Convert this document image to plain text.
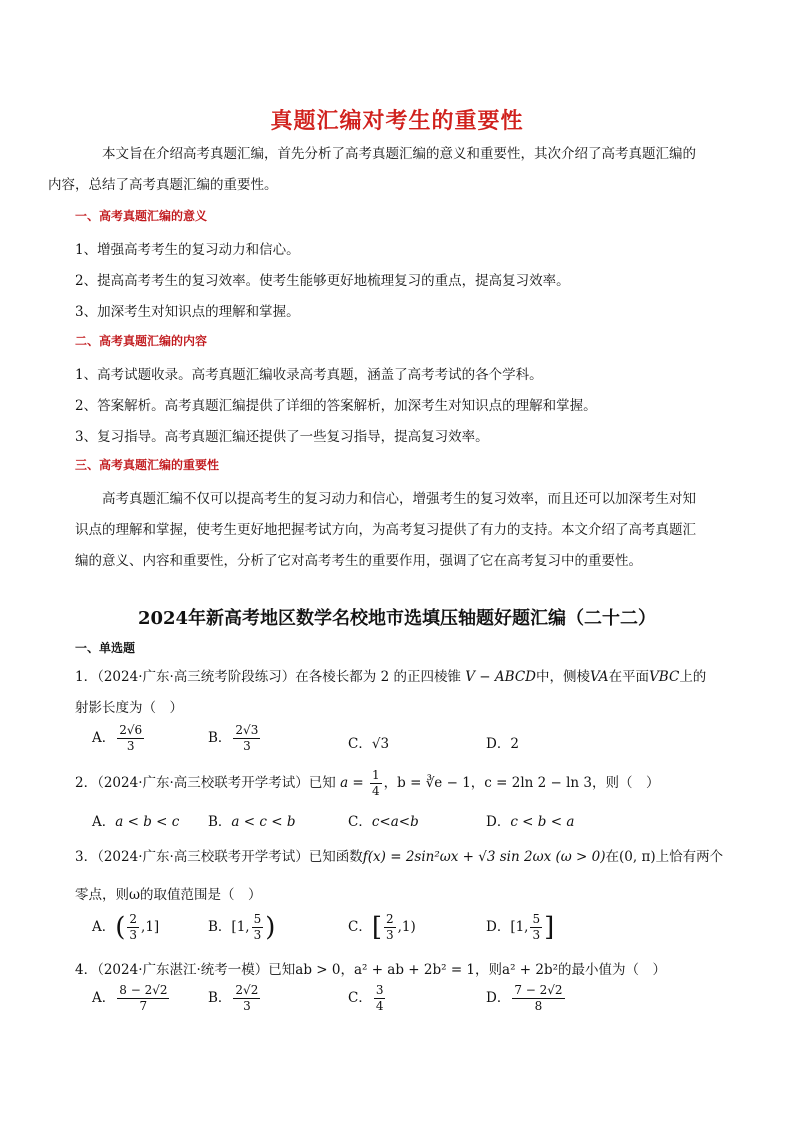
真题汇编对考生的重要性
本文旨在介绍高考真题汇编，首先分析了高考真题汇编的意义和重要性，其次介绍了高考真题汇编的
内容，总结了高考真题汇编的重要性。
一、高考真题汇编的意义
1、增强高考考生的复习动力和信心。
2、提高高考考生的复习效率。使考生能够更好地梳理复习的重点，提高复习效率。
3、加深考生对知识点的理解和掌握。
二、高考真题汇编的内容
1、高考试题收录。高考真题汇编收录高考真题，涵盖了高考考试的各个学科。
2、答案解析。高考真题汇编提供了详细的答案解析，加深考生对知识点的理解和掌握。
3、复习指导。高考真题汇编还提供了一些复习指导，提高复习效率。
三、高考真题汇编的重要性
高考真题汇编不仅可以提高考生的复习动力和信心，增强考生的复习效率，而且还可以加深考生对知
识点的理解和掌握，使考生更好地把握考试方向，为高考复习提供了有力的支持。本文介绍了高考真题汇
编的意义、内容和重要性，分析了它对高考考生的重要作用，强调了它在高考复习中的重要性。
2024年新高考地区数学名校地市选填压轴题好题汇编（二十二）
一、单选题
1．（2024·广东·高三统考阶段练习）在各棱长都为 2 的正四棱锥 V − ABCD中，侧棱VA在平面VBC上的
射影长度为（　）
A． $\frac{2√6}{3}$	B． $\frac{2√3}{3}$	C．√3	D．2
2．（2024·广东·高三校联考开学考试）已知 $a = \frac{1}{4}$ ，b = ∛e − 1，c = 2ln 2 − ln 3，则（　）
A．a < b < c B．a < c < b	C．c<a<b	D．c < b < a
3．（2024·广东·高三校联考开学考试）已知函数f(x) = 2sin²ωx + √3 sin 2ωx (ω > 0)在(0, π)上恰有两个
零点，则ω的取值范围是（　）
A．( $\frac{2}{3} ,1$]	B．[1, $\frac{5}{3}$ )	C．[ $\frac{2}{3} ,1$)	D．[1, $\frac{5}{3}$ ]
4．（2024·广东湛江·统考一模）已知ab > 0，a² + ab + 2b² = 1，则a² + 2b²的最小值为（　）
A． $\frac{8 - 2√2}{7}$	B． $\frac{2√2}{3}$	C． $\frac{3}{4}$	D． $\frac{7 - 2√2}{8}$
